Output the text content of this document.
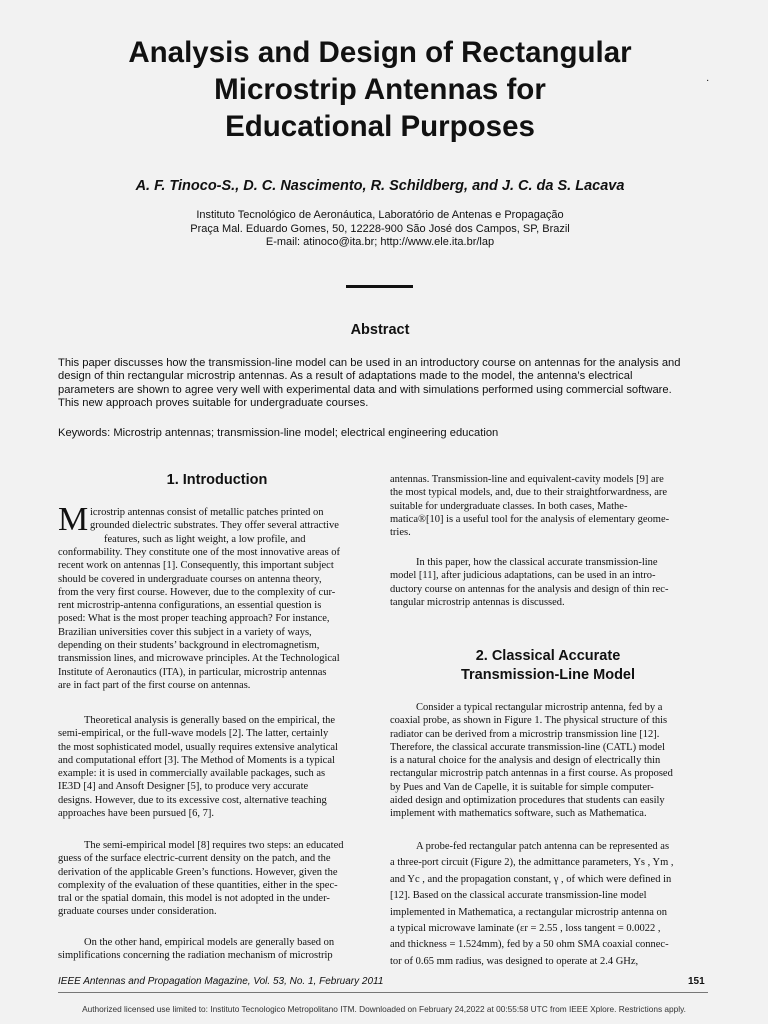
Analysis and Design of Rectangular
Microstrip Antennas for
Educational Purposes
·
A. F. Tinoco-S., D. C. Nascimento, R. Schildberg, and J. C. da S. Lacava
Instituto Tecnológico de Aeronáutica, Laboratório de Antenas e Propagação
Praça Mal. Eduardo Gomes, 50, 12228-900 São José dos Campos, SP, Brazil
E-mail: atinoco@ita.br; http://www.ele.ita.br/lap
Abstract
This paper discusses how the transmission-line model can be used in an introductory course on antennas for the analysis and
design of thin rectangular microstrip antennas. As a result of adaptations made to the model, the antenna’s electrical
parameters are shown to agree very well with experimental data and with simulations performed using commercial software.
This new approach proves suitable for undergraduate courses.
Keywords: Microstrip antennas; transmission-line model; electrical engineering education
1. Introduction
M icrostrip antennas consist of metallic patches printed on
grounded dielectric substrates. They offer several attractive
features, such as light weight, a low profile, and
conformability. They constitute one of the most innovative areas of
recent work on antennas [1]. Consequently, this important subject
should be covered in undergraduate courses on antenna theory,
from the very first course. However, due to the complexity of cur-
rent microstrip-antenna configurations, an essential question is
posed: What is the most proper teaching approach? For instance,
Brazilian universities cover this subject in a variety of ways,
depending on their students’ background in electromagnetism,
transmission lines, and microwave principles. At the Technological
Institute of Aeronautics (ITA), in particular, microstrip antennas
are in fact part of the first course on antennas.
Theoretical analysis is generally based on the empirical, the
semi-empirical, or the full-wave models [2]. The latter, certainly
the most sophisticated model, usually requires extensive analytical
and computational effort [3]. The Method of Moments is a typical
example: it is used in commercially available packages, such as
IE3D [4] and Ansoft Designer [5], to produce very accurate
designs. However, due to its excessive cost, alternative teaching
approaches have been pursued [6, 7].
The semi-empirical model [8] requires two steps: an educated
guess of the surface electric-current density on the patch, and the
derivation of the applicable Green’s functions. However, given the
complexity of the evaluation of these quantities, either in the spec-
tral or the spatial domain, this model is not adopted in the under-
graduate courses under consideration.
On the other hand, empirical models are generally based on
simplifications concerning the radiation mechanism of microstrip
antennas. Transmission-line and equivalent-cavity models [9] are
the most typical models, and, due to their straightforwardness, are
suitable for undergraduate classes. In both cases, Mathe-
matica®[10] is a useful tool for the analysis of elementary geome-
tries.
In this paper, how the classical accurate transmission-line
model [11], after judicious adaptations, can be used in an intro-
ductory course on antennas for the analysis and design of thin rec-
tangular microstrip antennas is discussed.
2. Classical Accurate
Transmission-Line Model
Consider a typical rectangular microstrip antenna, fed by a
coaxial probe, as shown in Figure 1. The physical structure of this
radiator can be derived from a microstrip transmission line [12].
Therefore, the classical accurate transmission-line (CATL) model
is a natural choice for the analysis and design of electrically thin
rectangular microstrip patch antennas in a first course. As proposed
by Pues and Van de Capelle, it is suitable for simple computer-
aided design and optimization procedures that students can easily
implement with mathematics software, such as Mathematica.
A probe-fed rectangular patch antenna can be represented as
a three-port circuit (Figure 2), the admittance parameters, Ys , Ym ,
and Yc , and the propagation constant, γ , of which were defined in
[12]. Based on the classical accurate transmission-line model
implemented in Mathematica, a rectangular microstrip antenna on
a typical microwave laminate (εr = 2.55 , loss tangent = 0.0022 ,
and thickness = 1.524mm), fed by a 50 ohm SMA coaxial connec-
tor of 0.65 mm radius, was designed to operate at 2.4 GHz,
IEEE Antennas and Propagation Magazine, Vol. 53, No. 1, February 2011	151
Authorized licensed use limited to: Instituto Tecnologico Metropolitano ITM. Downloaded on February 24,2022 at 00:55:58 UTC from IEEE Xplore. Restrictions apply.
